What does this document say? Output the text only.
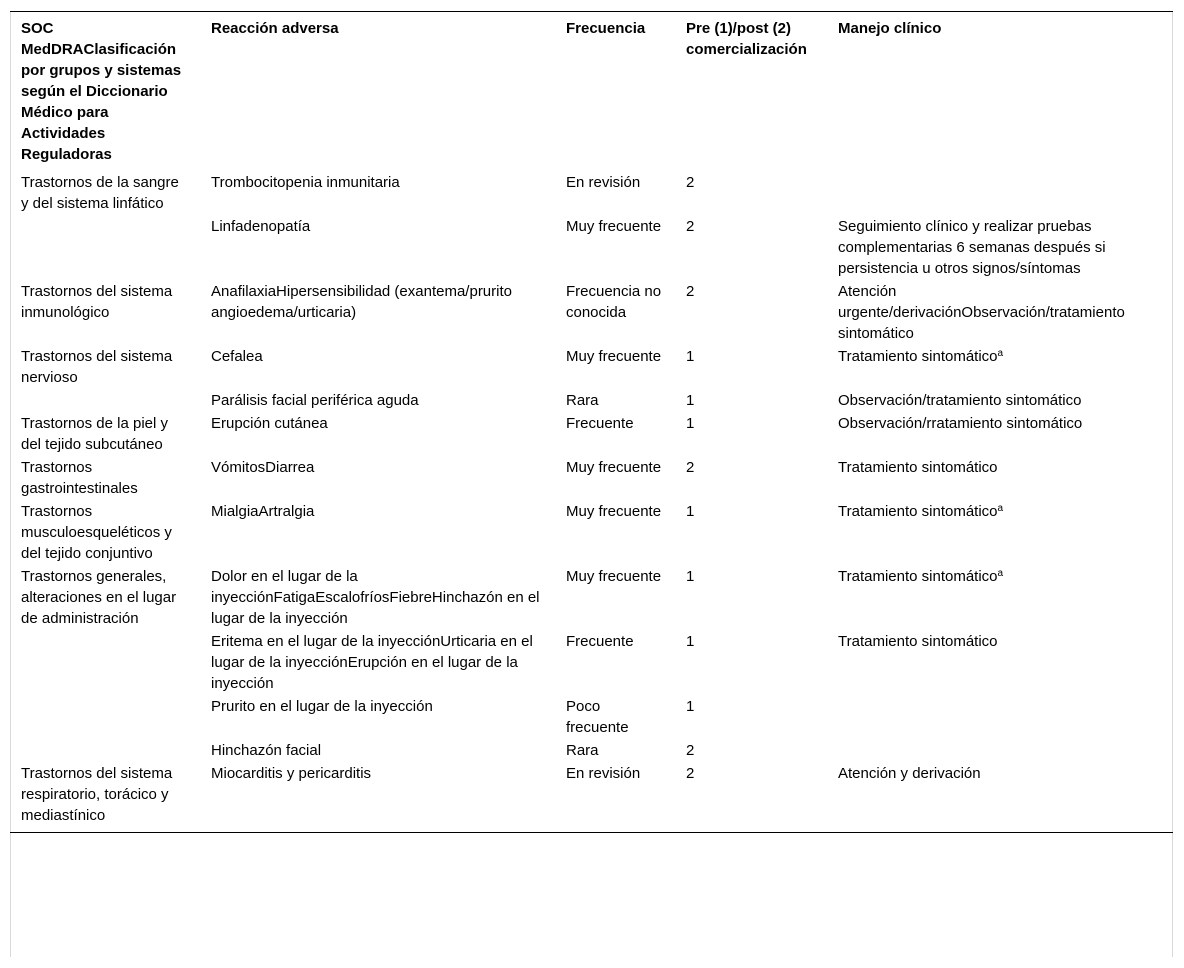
SOC MedDRAClasificación por grupos y sistemas según el Diccionario Médico para Actividades Reguladoras	Reacción adversa	Frecuencia	Pre (1)/post (2) comercialización	Manejo clínico
Trastornos de la sangre y del sistema linfático	Trombocitopenia inmunitaria	En revisión	2	
	Linfadenopatía	Muy frecuente	2	Seguimiento clínico y realizar pruebas complementarias 6 semanas después si persistencia u otros signos/síntomas
Trastornos del sistema inmunológico	AnafilaxiaHipersensibilidad (exantema/prurito angioedema/urticaria)	Frecuencia no conocida	2	Atención urgente/derivaciónObservación/tratamiento sintomático
Trastornos del sistema nervioso	Cefalea	Muy frecuente	1	Tratamiento sintomático$^a$
	Parálisis facial periférica aguda	Rara	1	Observación/tratamiento sintomático
Trastornos de la piel y del tejido subcutáneo	Erupción cutánea	Frecuente	1	Observación/rratamiento sintomático
Trastornos gastrointestinales	VómitosDiarrea	Muy frecuente	2	Tratamiento sintomático
Trastornos musculoesqueléticos y del tejido conjuntivo	MialgiaArtralgia	Muy frecuente	1	Tratamiento sintomático$^a$
Trastornos generales, alteraciones en el lugar de administración	Dolor en el lugar de la inyecciónFatigaEscalofríosFiebreHinchazón en el lugar de la inyección	Muy frecuente	1	Tratamiento sintomático$^a$
	Eritema en el lugar de la inyecciónUrticaria en el lugar de la inyecciónErupción en el lugar de la inyección	Frecuente	1	Tratamiento sintomático
	Prurito en el lugar de la inyección	Poco frecuente	1	
	Hinchazón facial	Rara	2	
Trastornos del sistema respiratorio, torácico y mediastínico	Miocarditis y pericarditis	En revisión	2	Atención y derivación
